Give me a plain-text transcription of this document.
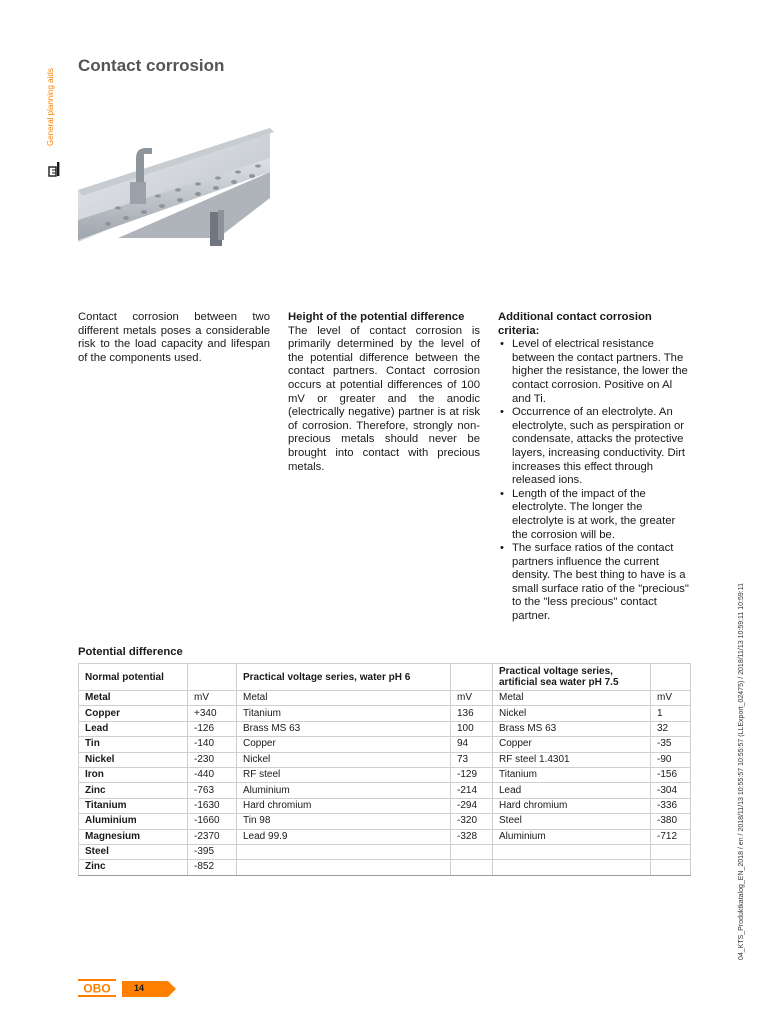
General planning aids
Contact corrosion
Contact corrosion between two different metals poses a considerable risk to the load capacity and lifespan of the components used.
Height of the potential difference

The level of contact corrosion is primarily determined by the level of the potential difference between the contact partners. Contact corrosion occurs at potential differences of 100 mV or greater and the anodic (electrically negative) partner is at risk of corrosion. Therefore, strongly non-precious metals should never be brought into contact with precious metals.

Additional contact corrosion criteria:
• Level of electrical resistance between the contact partners. The higher the resistance, the lower the contact corrosion. Positive on Al and Ti.
• Occurrence of an electrolyte. An electrolyte, such as perspiration or condensate, attacks the protective layers, increasing conductivity. Dirt increases this effect through released ions.
• Length of the impact of the electrolyte. The longer the electrolyte is at work, the greater the corrosion will be.
• The surface ratios of the contact partners influence the current density. The best thing to have is a small surface ratio of the "precious" to the "less precious" contact partner.
Potential difference
Normal potential		Practical voltage series, water pH 6		Practical voltage series, artificial sea water pH 7.5	
Metal	mV	Metal	mV	Metal	mV
Copper	+340	Titanium	136	Nickel	1
Lead	-126	Brass MS 63	100	Brass MS 63	32
Tin	-140	Copper	94	Copper	-35
Nickel	-230	Nickel	73	RF steel 1.4301	-90
Iron	-440	RF steel	-129	Titanium	-156
Zinc	-763	Aluminium	-214	Lead	-304
Titanium	-1630	Hard chromium	-294	Hard chromium	-336
Aluminium	-1660	Tin 98	-320	Steel	-380
Magnesium	-2370	Lead 99.9	-328	Aluminium	-712
Steel	-395				
Zinc	-852					04_KTS_Produktkatalog_EN_2018 / en / 2018/11/13 10:55:57 10:55:57 (LLExport_02475) / 2018/11/13 10:59:11 10:59:11
OBO	14
